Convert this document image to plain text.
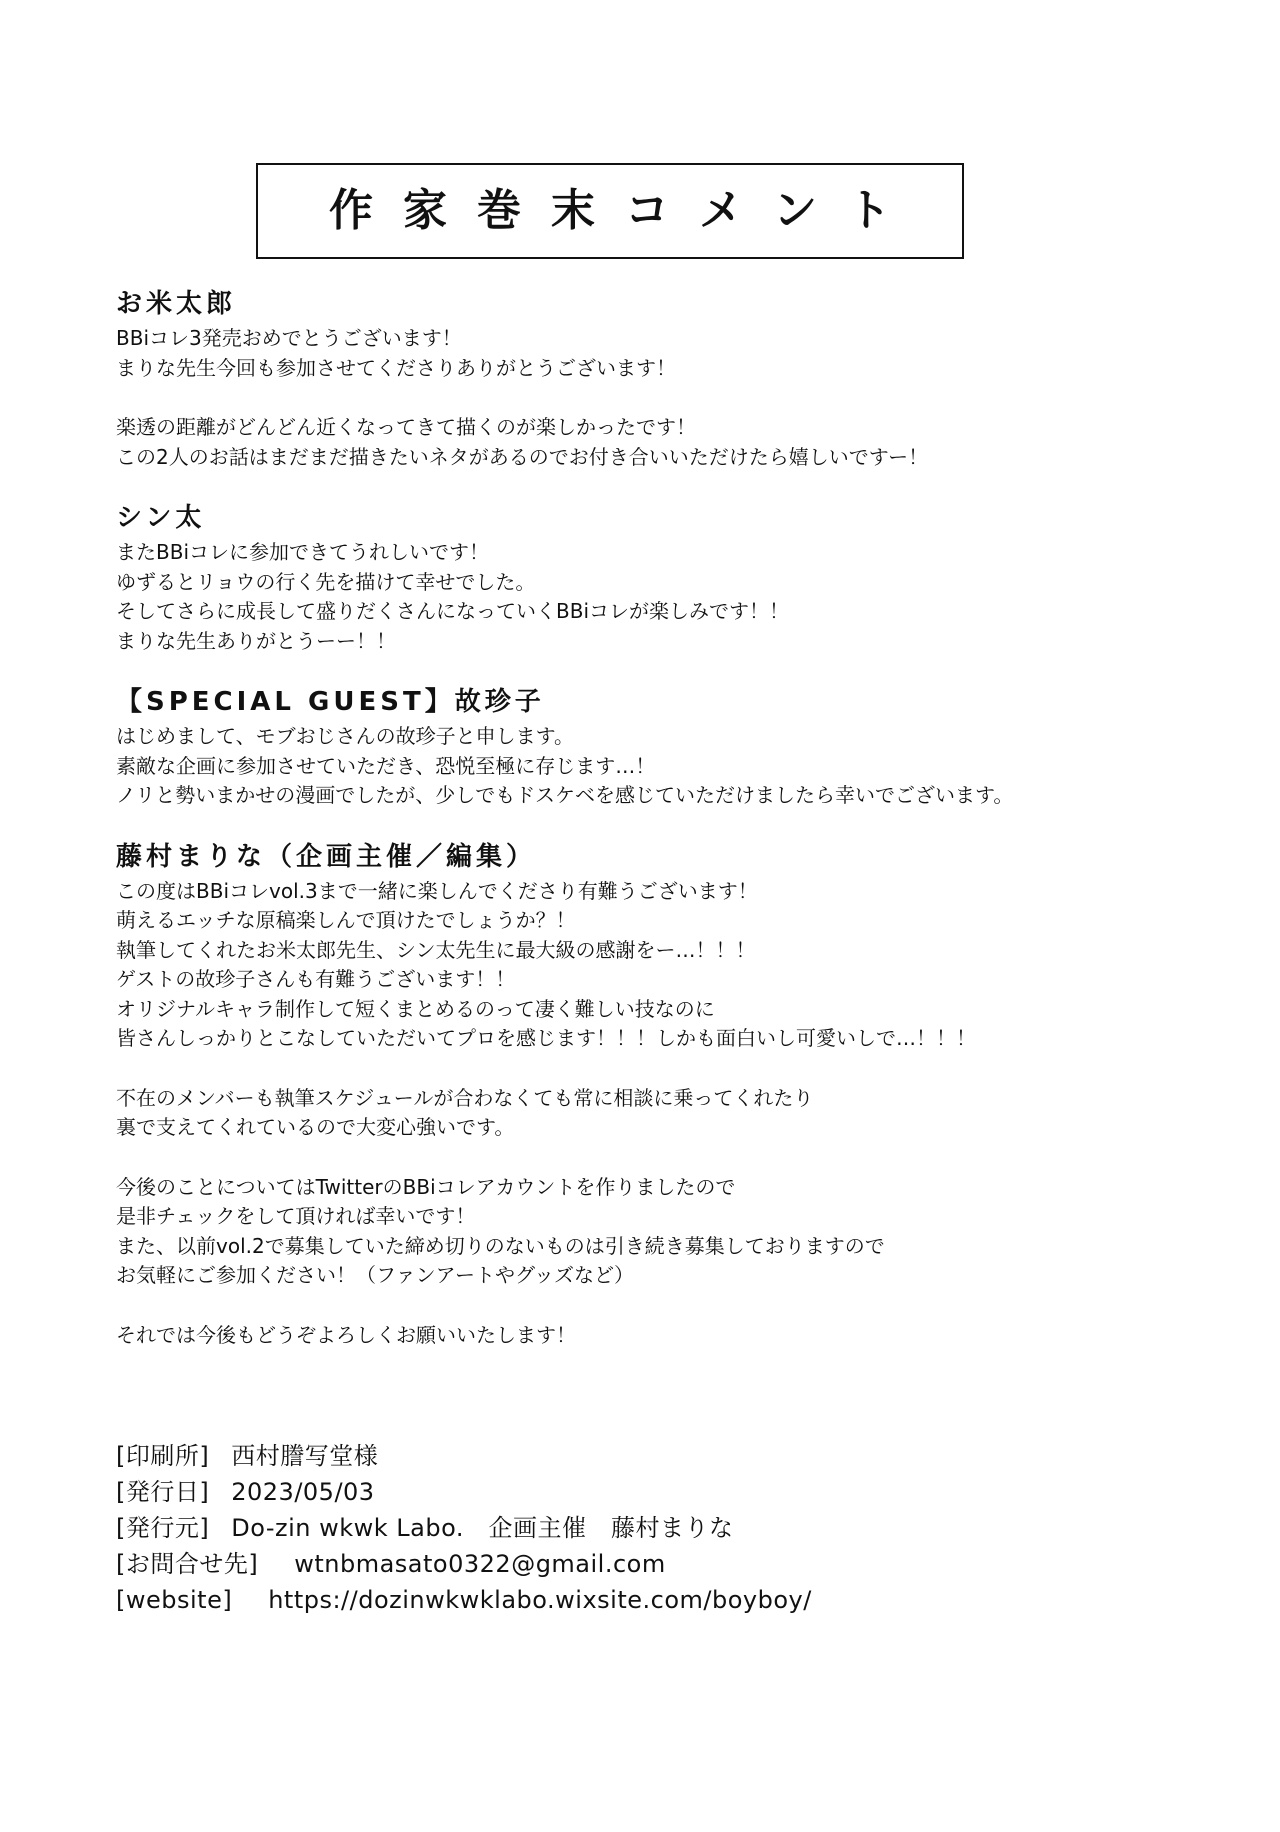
作家巻末コメント
お米太郎
BBiコレ3発売おめでとうございます！
まりな先生今回も参加させてくださりありがとうございます！
楽透の距離がどんどん近くなってきて描くのが楽しかったです！
この2人のお話はまだまだ描きたいネタがあるのでお付き合いいただけたら嬉しいですー！
シン太
またBBiコレに参加できてうれしいです！
ゆずるとリョウの行く先を描けて幸せでした。
そしてさらに成長して盛りだくさんになっていくBBiコレが楽しみです！！
まりな先生ありがとうーー！！
【SPECIAL GUEST】故珍子
はじめまして、モブおじさんの故珍子と申します。
素敵な企画に参加させていただき、恐悦至極に存じます…！
ノリと勢いまかせの漫画でしたが、少しでもドスケベを感じていただけましたら幸いでございます。
藤村まりな（企画主催／編集）
この度はBBiコレvol.3まで一緒に楽しんでくださり有難うございます！
萌えるエッチな原稿楽しんで頂けたでしょうか？！
執筆してくれたお米太郎先生、シン太先生に最大級の感謝をー…！！！
ゲストの故珍子さんも有難うございます！！
オリジナルキャラ制作して短くまとめるのって凄く難しい技なのに
皆さんしっかりとこなしていただいてプロを感じます！！！しかも面白いし可愛いしで…！！！
不在のメンバーも執筆スケジュールが合わなくても常に相談に乗ってくれたり
裏で支えてくれているので大変心強いです。
今後のことについてはTwitterのBBiコレアカウントを作りましたので
是非チェックをして頂ければ幸いです！
また、以前vol.2で募集していた締め切りのないものは引き続き募集しておりますので
お気軽にご参加ください！（ファンアートやグッズなど）
それでは今後もどうぞよろしくお願いいたします！
[印刷所] 西村謄写堂様
[発行日] 2023/05/03
[発行元] Do-zin wkwk Labo.　企画主催　藤村まりな
[お問合せ先] wtnbmasato0322@gmail.com
[website] https://dozinwkwklabo.wixsite.com/boyboy/
